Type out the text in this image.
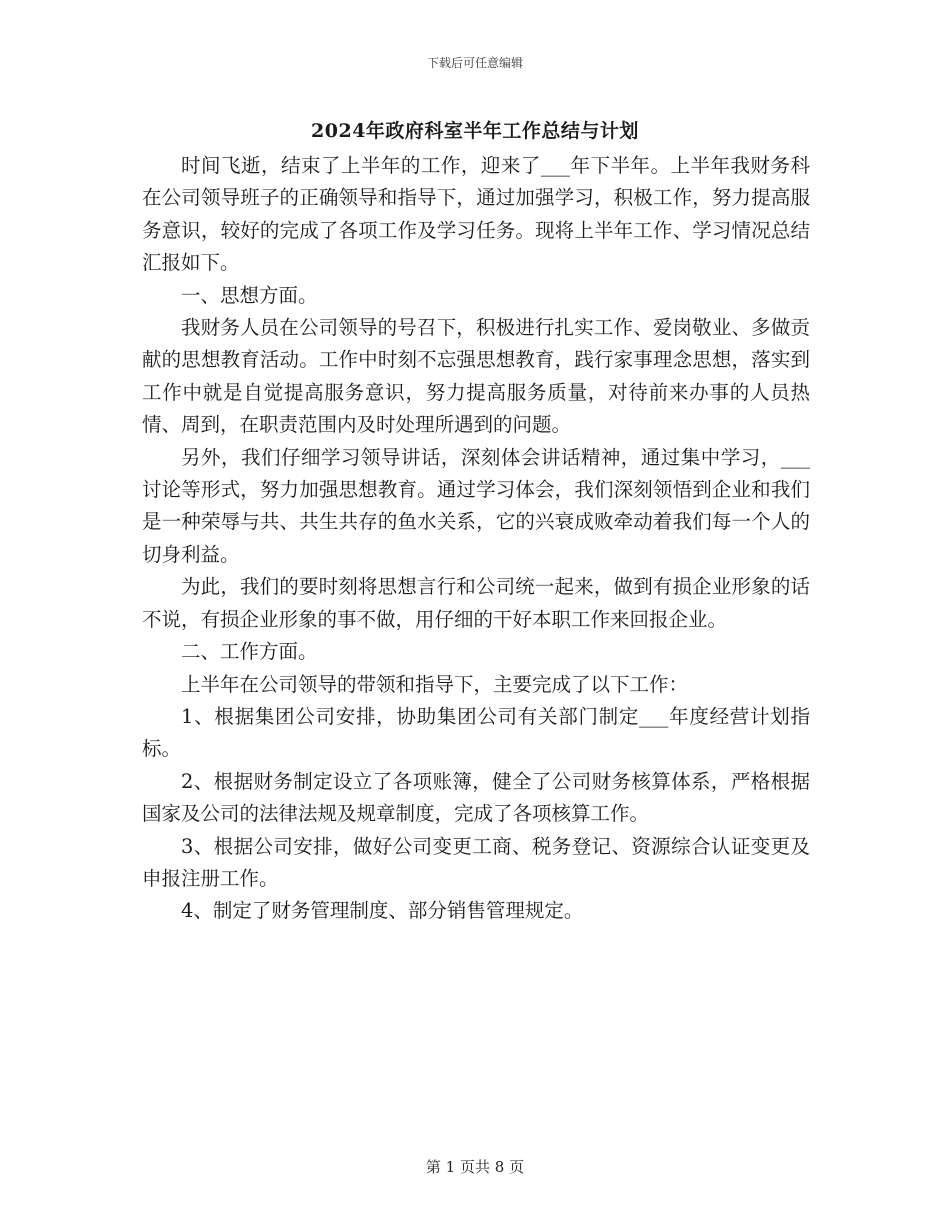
下载后可任意编辑
2024年政府科室半年工作总结与计划

时间飞逝，结束了上半年的工作，迎来了___年下半年。上半年我财务科在公司领导班子的正确领导和指导下，通过加强学习，积极工作，努力提高服务意识，较好的完成了各项工作及学习任务。现将上半年工作、学习情况总结汇报如下。

一、思想方面。

我财务人员在公司领导的号召下，积极进行扎实工作、爱岗敬业、多做贡献的思想教育活动。工作中时刻不忘强思想教育，践行家事理念思想，落实到工作中就是自觉提高服务意识，努力提高服务质量，对待前来办事的人员热情、周到，在职责范围内及时处理所遇到的问题。

另外，我们仔细学习领导讲话，深刻体会讲话精神，通过集中学习，___讨论等形式，努力加强思想教育。通过学习体会，我们深刻领悟到企业和我们是一种荣辱与共、共生共存的鱼水关系，它的兴衰成败牵动着我们每一个人的切身利益。

为此，我们的要时刻将思想言行和公司统一起来，做到有损企业形象的话不说，有损企业形象的事不做，用仔细的干好本职工作来回报企业。

二、工作方面。

上半年在公司领导的带领和指导下，主要完成了以下工作：

1、根据集团公司安排，协助集团公司有关部门制定___年度经营计划指标。

2、根据财务制定设立了各项账簿，健全了公司财务核算体系，严格根据国家及公司的法律法规及规章制度，完成了各项核算工作。

3、根据公司安排，做好公司变更工商、税务登记、资源综合认证变更及申报注册工作。

4、制定了财务管理制度、部分销售管理规定。

第 1 页共 8 页
